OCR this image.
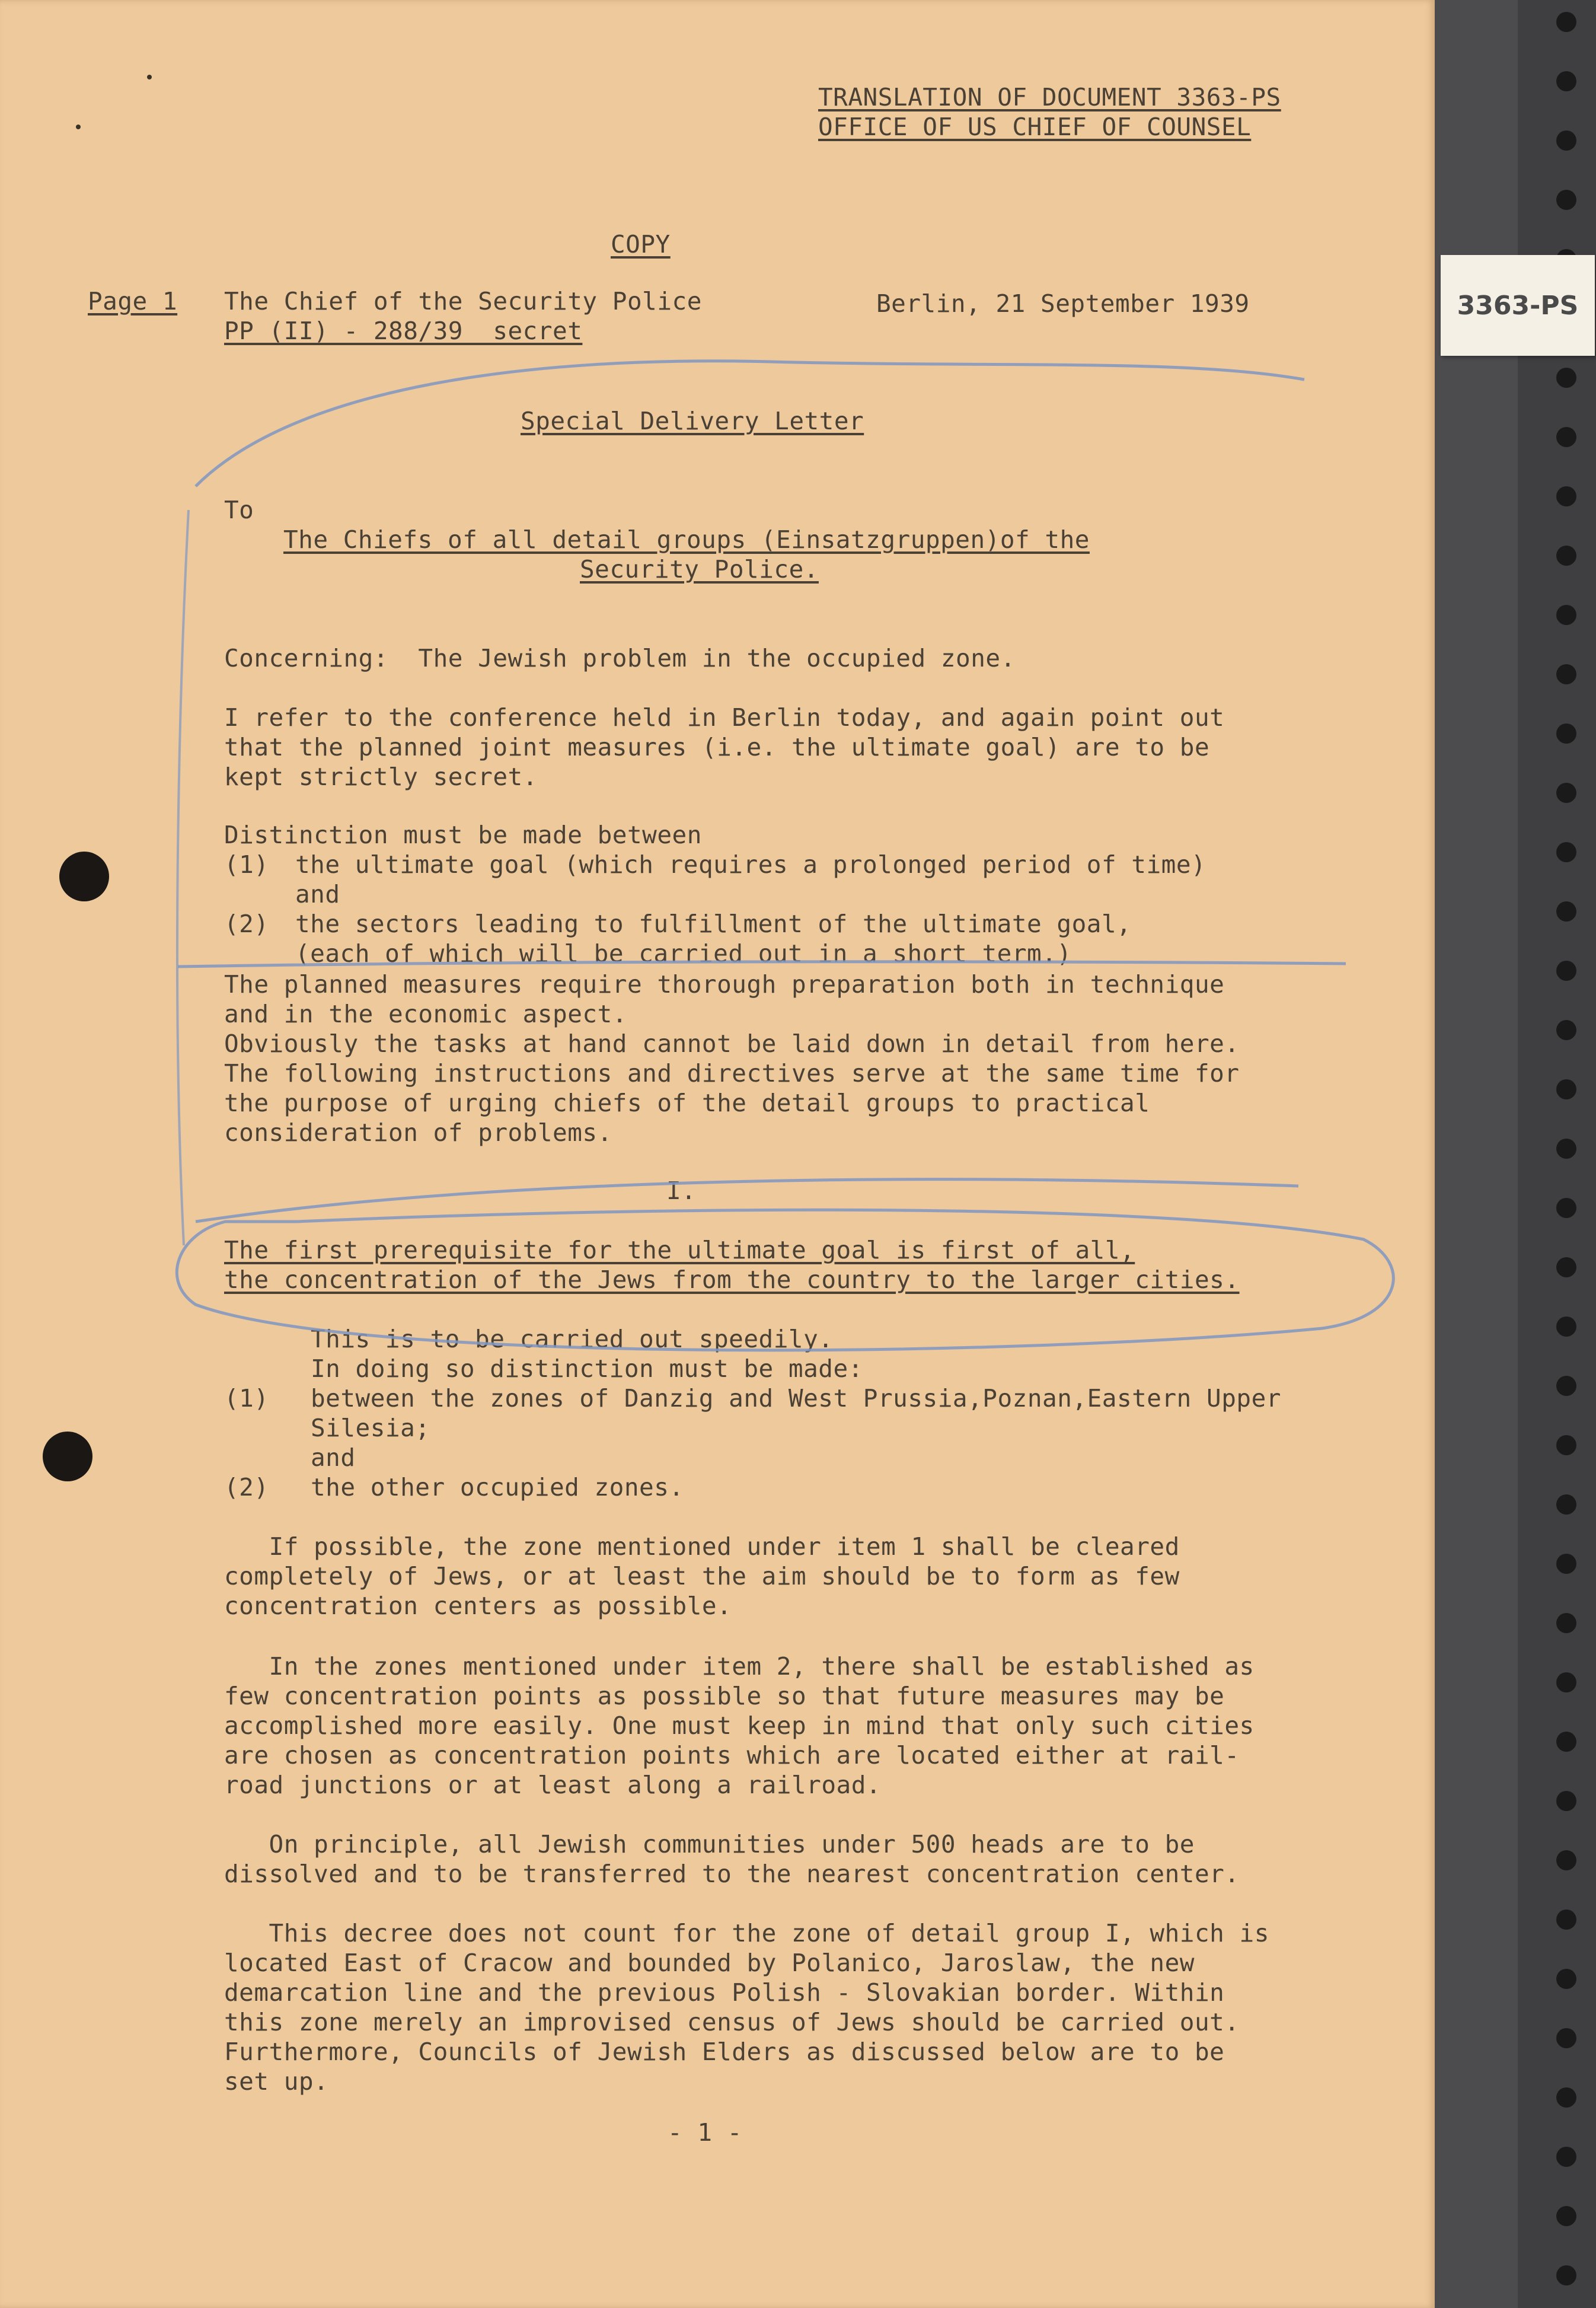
3363-PS
TRANSLATION OF DOCUMENT 3363-PS
OFFICE OF US CHIEF OF COUNSEL
COPY
Page 1 The Chief of the Security Police
PP (II) - 288/39  secret
Berlin, 21 September 1939
Special Delivery Letter
To
The Chiefs of all detail groups (Einsatzgruppen)of the
Security Police.
Concerning:  The Jewish problem in the occupied zone.
I refer to the conference held in Berlin today, and again point out
that the planned joint measures (i.e. the ultimate goal) are to be
kept strictly secret.
Distinction must be made between
(1) the ultimate goal (which requires a prolonged period of time)
and
(2) the sectors leading to fulfillment of the ultimate goal,
(each of which will be carried out in a short term.)
The planned measures require thorough preparation both in technique
and in the economic aspect.
Obviously the tasks at hand cannot be laid down in detail from here.
The following instructions and directives serve at the same time for
the purpose of urging chiefs of the detail groups to practical
consideration of problems.
I.
The first prerequisite for the ultimate goal is first of all,
the concentration of the Jews from the country to the larger cities.
This is to be carried out speedily.
In doing so distinction must be made:
(1) between the zones of Danzig and West Prussia,Poznan,Eastern Upper
Silesia;
and
(2) the other occupied zones.
If possible, the zone mentioned under item 1 shall be cleared
completely of Jews, or at least the aim should be to form as few
concentration centers as possible.
In the zones mentioned under item 2, there shall be established as
few concentration points as possible so that future measures may be
accomplished more easily. One must keep in mind that only such cities
are chosen as concentration points which are located either at rail-
road junctions or at least along a railroad.
On principle, all Jewish communities under 500 heads are to be
dissolved and to be transferred to the nearest concentration center.
This decree does not count for the zone of detail group I, which is
located East of Cracow and bounded by Polanico, Jaroslaw, the new
demarcation line and the previous Polish - Slovakian border. Within
this zone merely an improvised census of Jews should be carried out.
Furthermore, Councils of Jewish Elders as discussed below are to be
set up.
- 1 -
